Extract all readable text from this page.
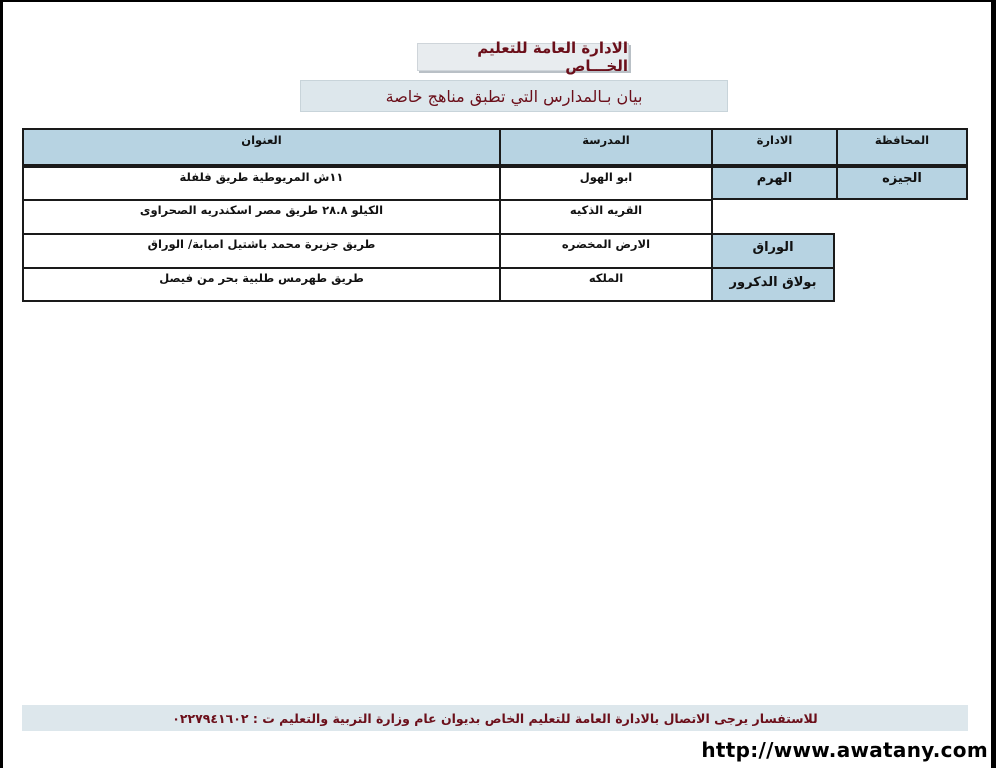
الادارة العامة للتعليم الخـــاص
بيان بـالمدارس التي تطبق مناهج خاصة
المحافظة
الادارة
المدرسة
العنوان
الجيزه
الهرم
ابو الهول
١١ش المريوطية طريق فلفلة
القريه الذكيه
الكيلو ٢٨.٨ طريق مصر اسكندريه الصحراوى
الوراق
الارض المخضره
طريق جزيرة محمد باشتيل امبابة/ الوراق
بولاق الدكرور
الملكه
طريق طهرمس طلبية بحر من فيصل
للاستفسار يرجى الاتصال بالادارة العامة للتعليم الخاص بديوان عام وزارة التربية والتعليم ت : ٠٢٢٧٩٤١٦٠٢
http://www.awatany.com
